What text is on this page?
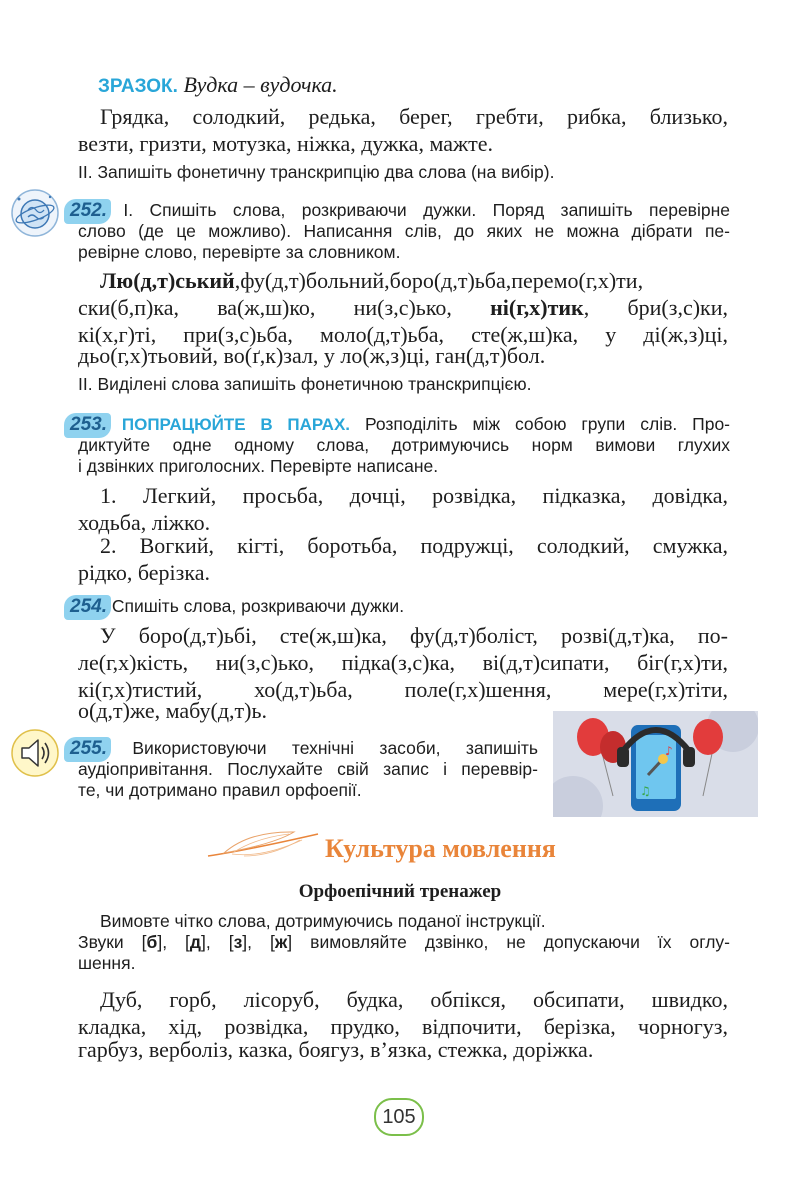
ЗРАЗОК. Вудка – вудочка.
Грядка, солодкий, редька, берег, гребти, рибка, близько,
везти, гризти, мотузка, ніжка, дужка, мажте.
II. Запишіть фонетичну транскрипцію два слова (на вибір).
252. I. Спишіть слова, розкриваючи дужки. Поряд запишіть перевірне
слово (де це можливо). Написання слів, до яких не можна дібрати пе-
ревірне слово, перевірте за словником.
Лю(д,т)ський,фу(д,т)больний,боро(д,т)ьба,перемо(г,х)ти,
ски(б,п)ка, ва(ж,ш)ко, ни(з,с)ько, ні(г,х)тик, бри(з,с)ки,
кі(х,г)ті, при(з,с)ьба, моло(д,т)ьба, сте(ж,ш)ка, у ді(ж,з)ці,
дьо(г,х)тьовий, во(ґ,к)зал, у ло(ж,з)ці, ган(д,т)бол.
II. Виділені слова запишіть фонетичною транскрипцією.
253. ПОПРАЦЮЙТЕ В ПАРАХ. Розподіліть між собою групи слів. Про-
диктуйте одне одному слова, дотримуючись норм вимови глухих
і дзвінких приголосних. Перевірте написане.
1. Легкий, просьба, дочці, розвідка, підказка, довідка,
ходьба, ліжко.
2. Вогкий, кігті, боротьба, подружці, солодкий, смужка,
рідко, берізка.
254. Спишіть слова, розкриваючи дужки.
У боро(д,т)ьбі, сте(ж,ш)ка, фу(д,т)боліст, розві(д,т)ка, по-
ле(г,х)кість, ни(з,с)ько, підка(з,с)ка, ві(д,т)сипати, біг(г,х)ти,
кі(г,х)тистий, хо(д,т)ьба, поле(г,х)шення, мере(г,х)тіти,
о(д,т)же, мабу(д,т)ь.
255. Використовуючи технічні засоби, запишіть
аудіопривітання. Послухайте свій запис і переввір-
те, чи дотримано правил орфоепії.
♪
♫
Культура мовлення
Орфоепічний тренажер
Вимовте чітко слова, дотримуючись поданої інструкції.
Звуки [б], [д], [з], [ж] вимовляйте дзвінко, не допускаючи їх оглу-
шення.
Дуб, горб, лісоруб, будка, обпікся, обсипати, швидко,
кладка, хід, розвідка, прудко, відпочити, берізка, чорногуз,
гарбуз, верболіз, казка, боягуз, в’язка, стежка, доріжка.
105
